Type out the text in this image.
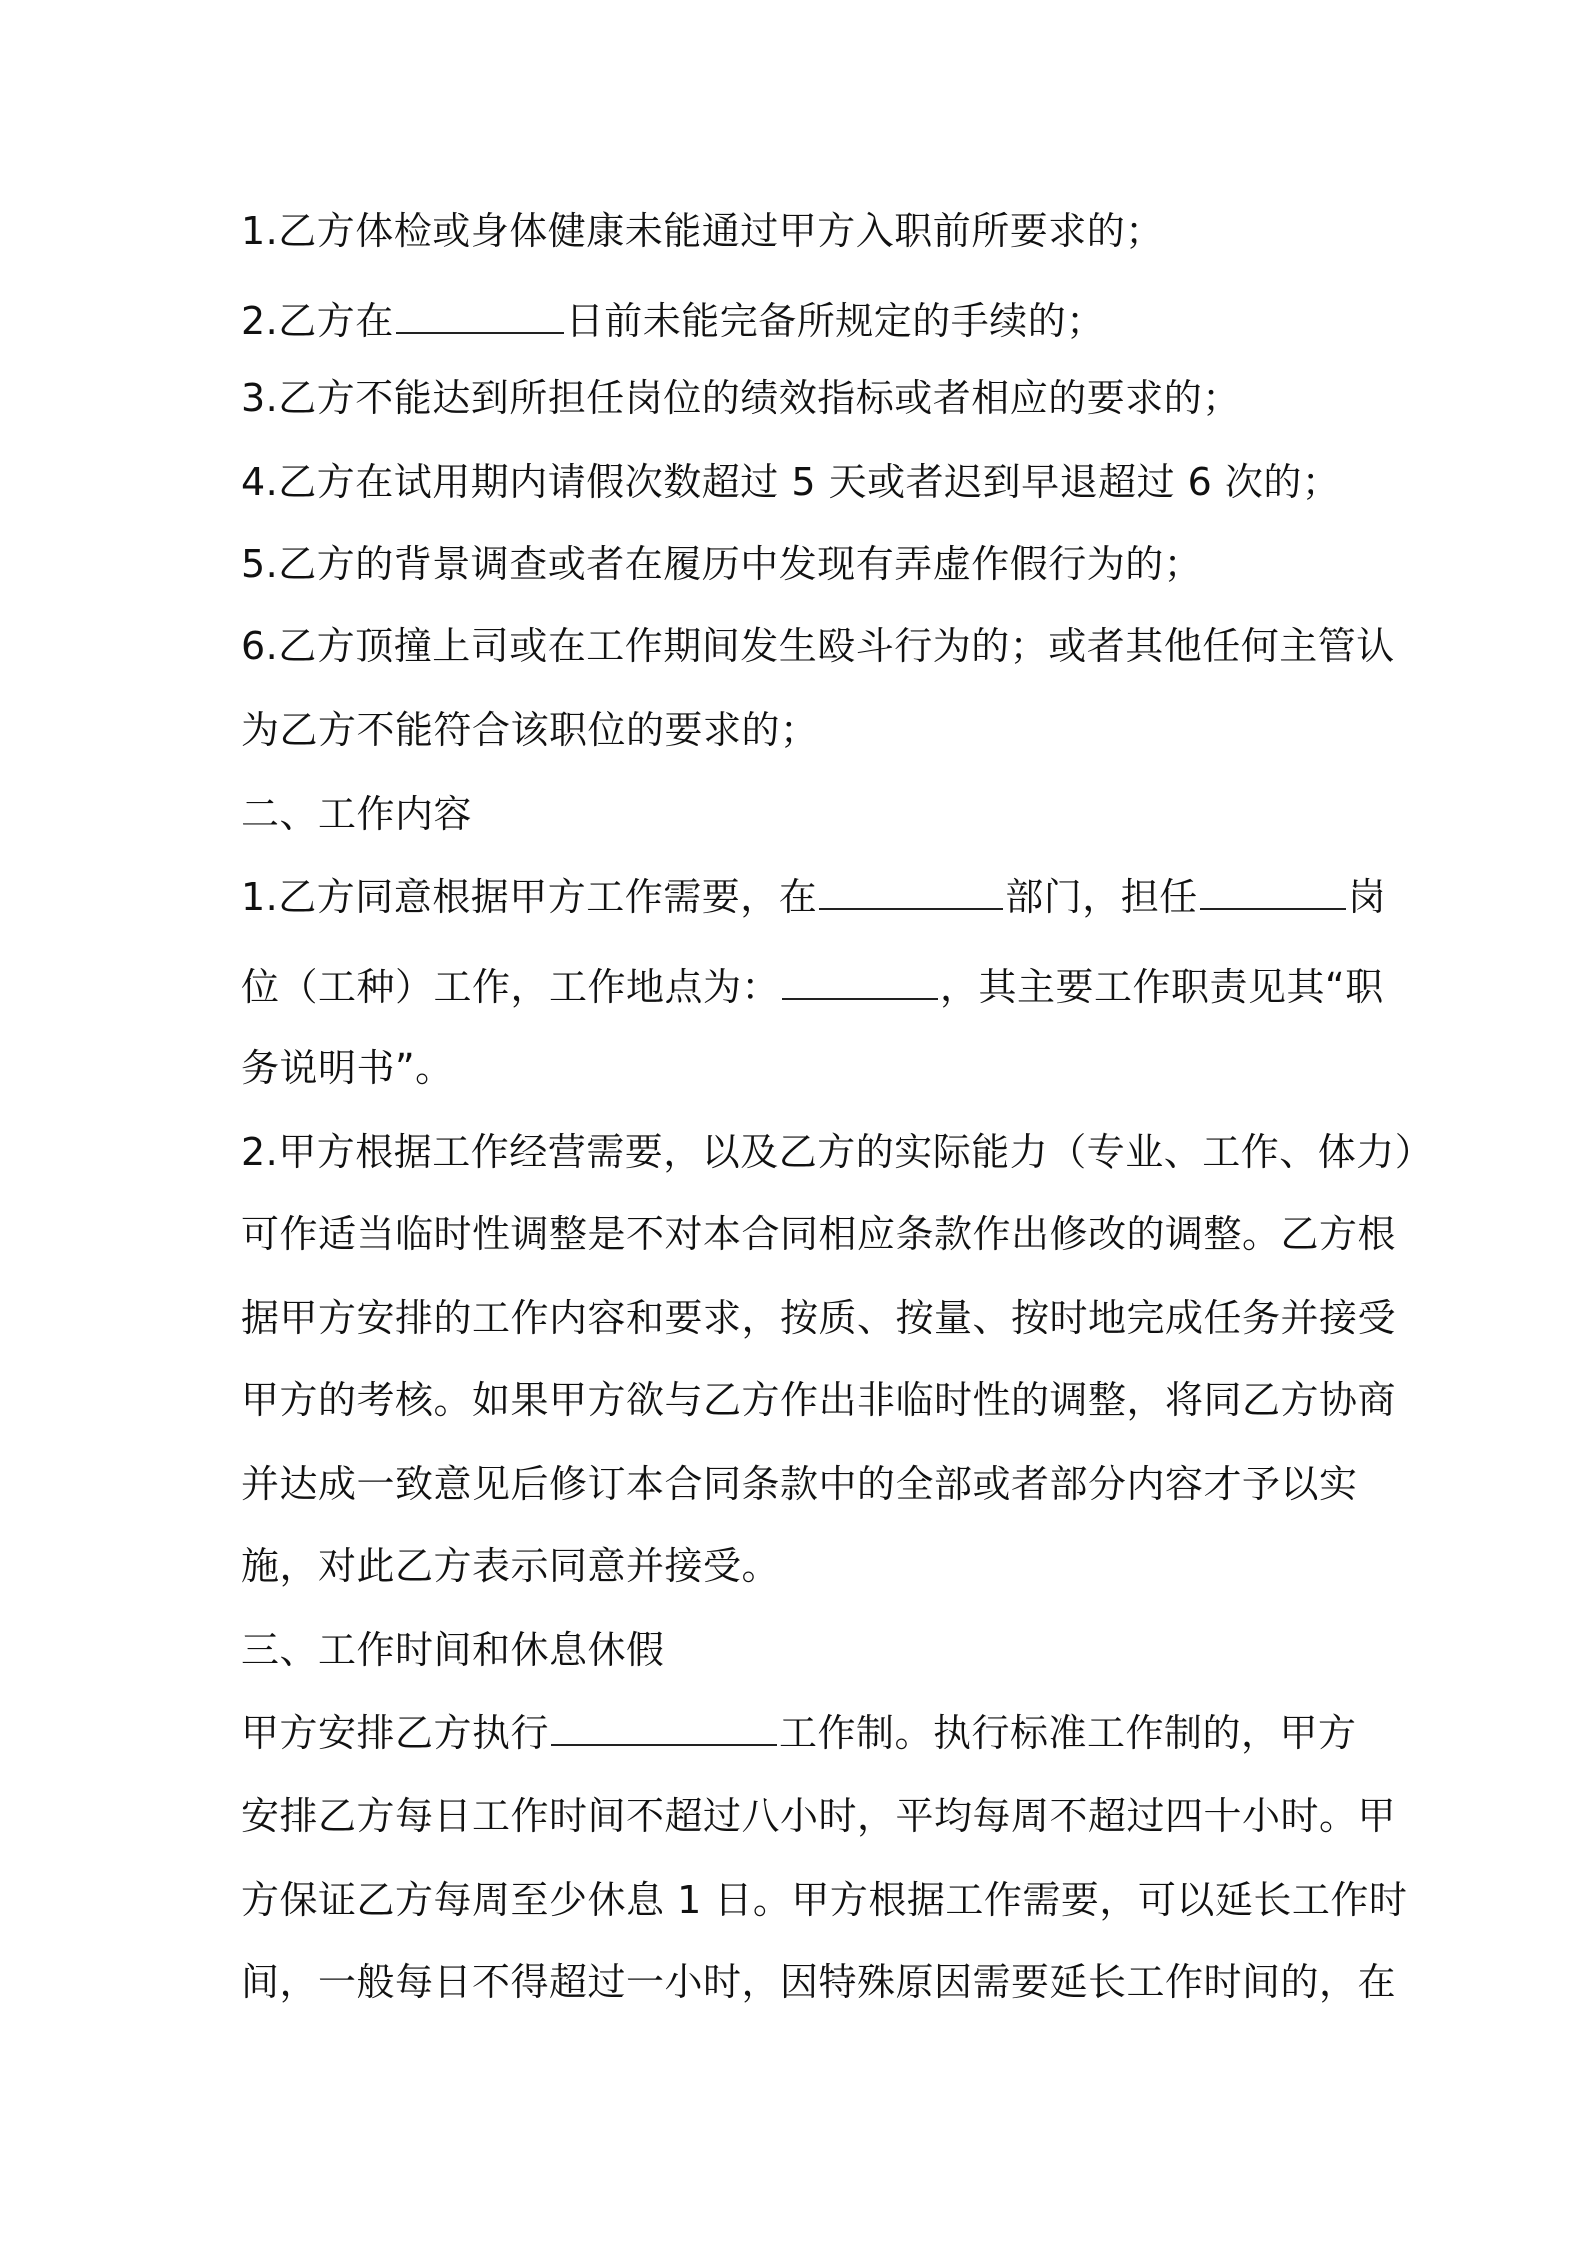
1.乙方体检或身体健康未能通过甲方入职前所要求的；
2.乙方在	日前未能完备所规定的手续的；
3.乙方不能达到所担任岗位的绩效指标或者相应的要求的；
4.乙方在试用期内请假次数超过 5 天或者迟到早退超过 6 次的；
5.乙方的背景调查或者在履历中发现有弄虚作假行为的；
6.乙方顶撞上司或在工作期间发生殴斗行为的；或者其他任何主管认
为乙方不能符合该职位的要求的；
二、工作内容
1.乙方同意根据甲方工作需要，在	部门，担任	岗
位（工种）工作，工作地点为：	，其主要工作职责见其“职
务说明书”。
2.甲方根据工作经营需要，以及乙方的实际能力（专业、工作、体力）
可作适当临时性调整是不对本合同相应条款作出修改的调整。乙方根
据甲方安排的工作内容和要求，按质、按量、按时地完成任务并接受
甲方的考核。如果甲方欲与乙方作出非临时性的调整，将同乙方协商
并达成一致意见后修订本合同条款中的全部或者部分内容才予以实
施，对此乙方表示同意并接受。
三、工作时间和休息休假
甲方安排乙方执行	工作制。执行标准工作制的，甲方
安排乙方每日工作时间不超过八小时，平均每周不超过四十小时。甲
方保证乙方每周至少休息 1 日。甲方根据工作需要，可以延长工作时
间，一般每日不得超过一小时，因特殊原因需要延长工作时间的，在
